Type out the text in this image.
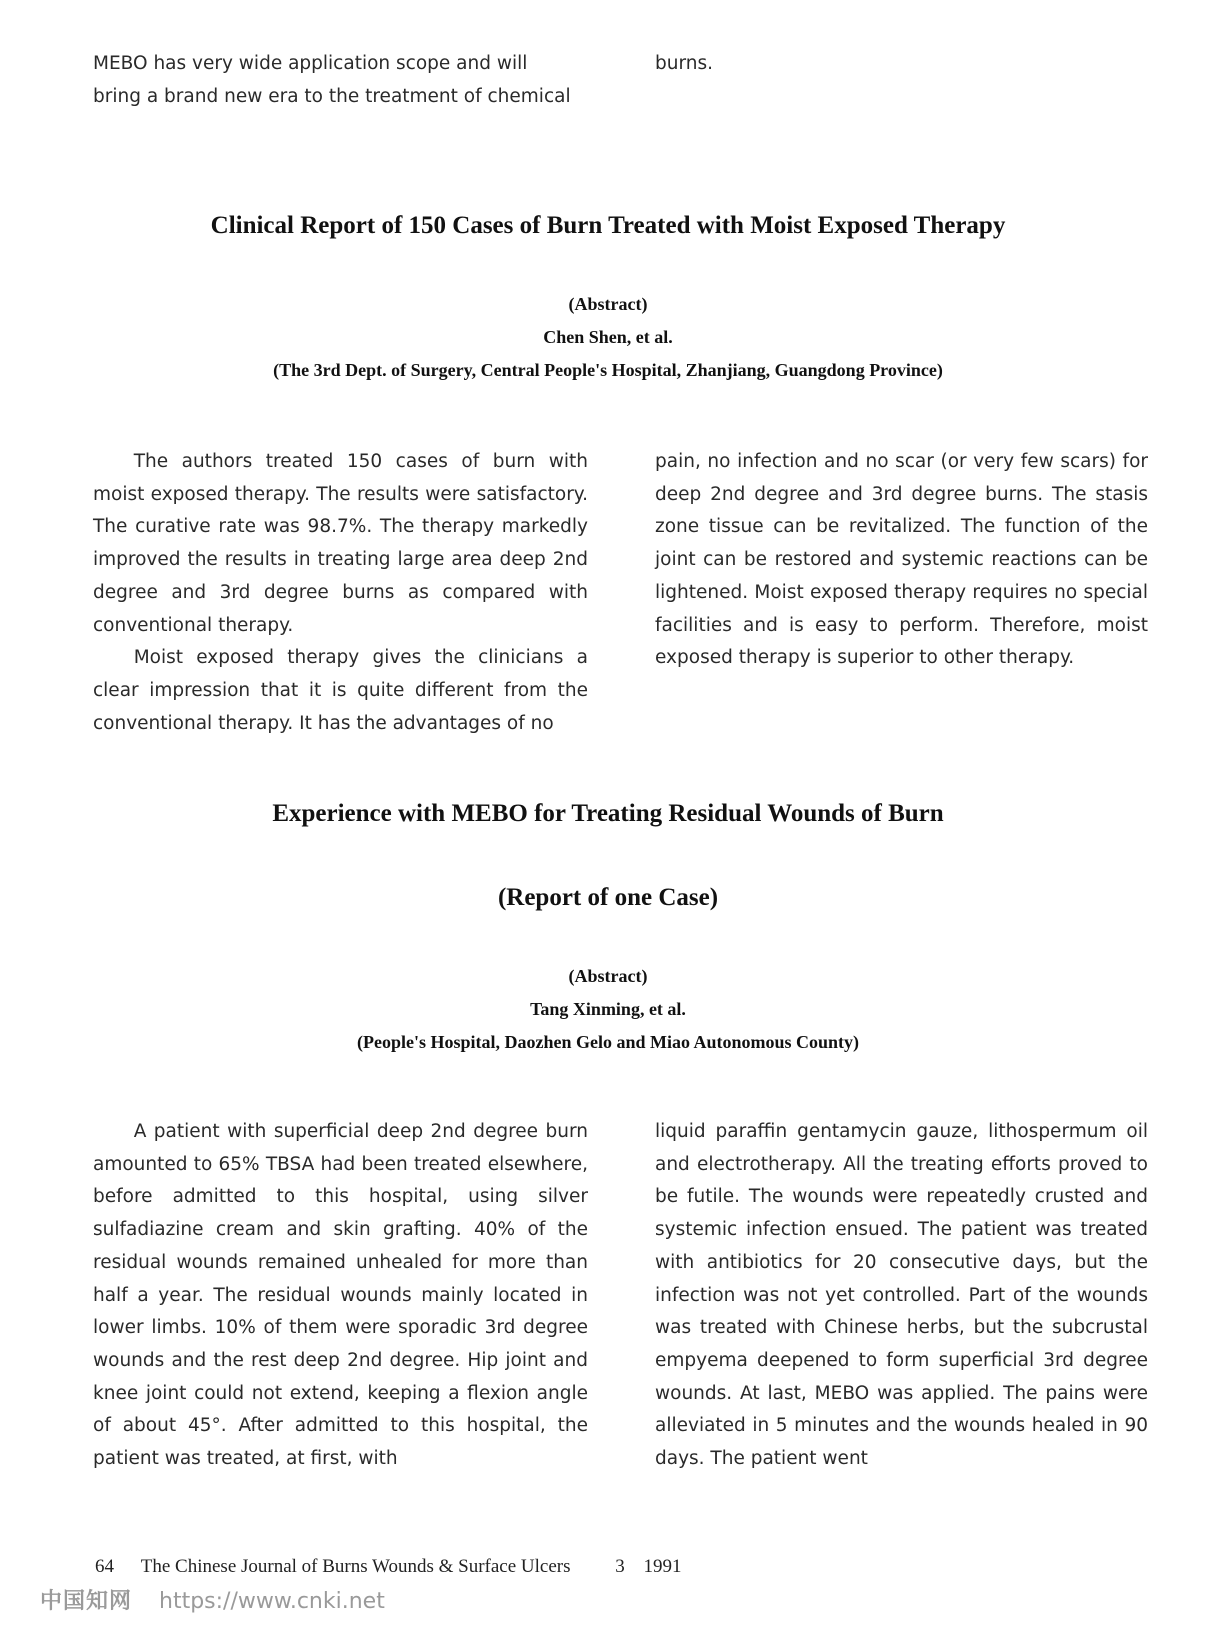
MEBO has very wide application scope and will
bring a brand new era to the treatment of chemical
burns.
Clinical Report of 150 Cases of Burn Treated with Moist Exposed Therapy
(Abstract)
Chen Shen, et al.
(The 3rd Dept. of Surgery, Central People's Hospital, Zhanjiang, Guangdong Province)

The authors treated 150 cases of burn with moist exposed therapy. The results were satisfactory. The curative rate was 98.7%. The therapy markedly improved the results in treating large area deep 2nd degree and 3rd degree burns as compared with conventional therapy.

Moist exposed therapy gives the clinicians a clear impression that it is quite different from the conventional therapy. It has the advantages of no

pain, no infection and no scar (or very few scars) for deep 2nd degree and 3rd degree burns. The stasis zone tissue can be revitalized. The function of the joint can be restored and systemic reactions can be lightened. Moist exposed therapy requires no special facilities and is easy to perform. Therefore, moist exposed therapy is superior to other therapy.

Experience with MEBO for Treating Residual Wounds of Burn
(Report of one Case)
(Abstract)
Tang Xinming, et al.
(People's Hospital, Daozhen Gelo and Miao Autonomous County)

A patient with superficial deep 2nd degree burn amounted to 65% TBSA had been treated elsewhere, before admitted to this hospital, using silver sulfadiazine cream and skin grafting. 40% of the residual wounds remained unhealed for more than half a year. The residual wounds mainly located in lower limbs. 10% of them were sporadic 3rd degree wounds and the rest deep 2nd degree. Hip joint and knee joint could not extend, keeping a flexion angle of about 45°. After admitted to this hospital, the patient was treated, at first, with

liquid paraffin gentamycin gauze, lithospermum oil and electrotherapy. All the treating efforts proved to be futile. The wounds were repeatedly crusted and systemic infection ensued. The patient was treated with antibiotics for 20 consecutive days, but the infection was not yet controlled. Part of the wounds was treated with Chinese herbs, but the subcrustal empyema deepened to form superficial 3rd degree wounds. At last, MEBO was applied. The pains were alleviated in 5 minutes and the wounds healed in 90 days. The patient went

64 The Chinese Journal of Burns Wounds & Surface Ulcers 3 1991
中国知网 https://www.cnki.net
